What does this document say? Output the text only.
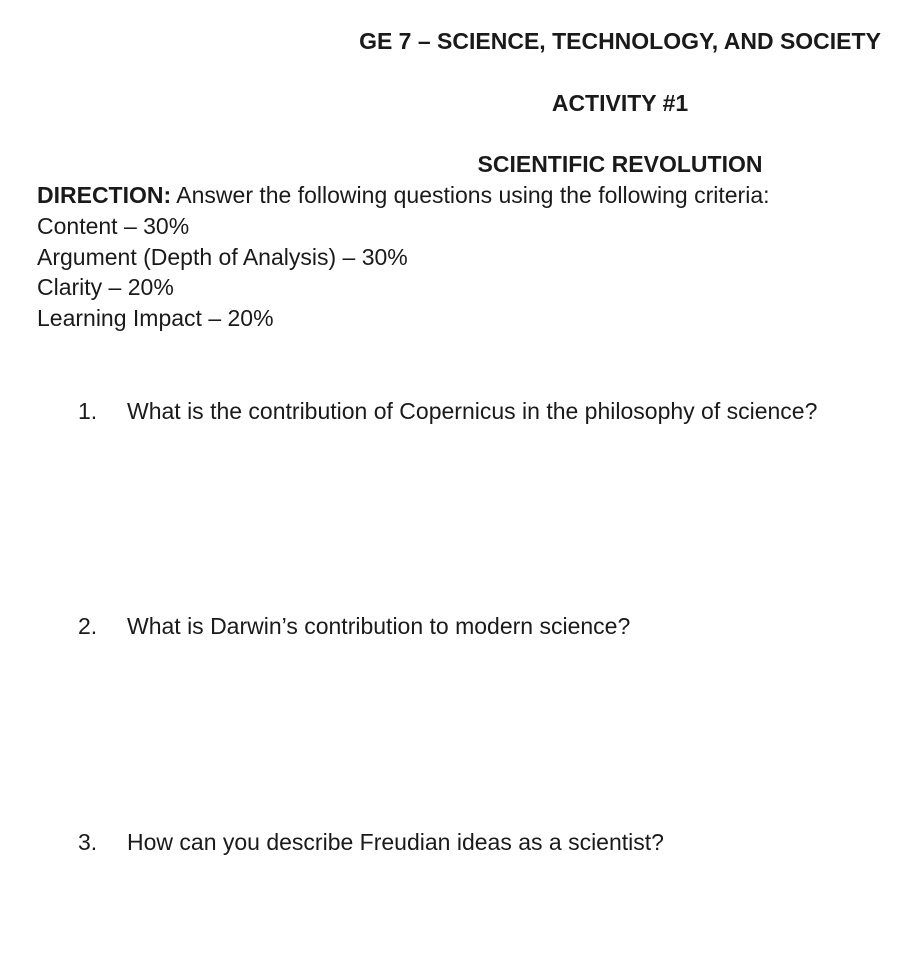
GE 7 – SCIENCE, TECHNOLOGY, AND SOCIETY
ACTIVITY #1
SCIENTIFIC REVOLUTION
DIRECTION: Answer the following questions using the following criteria:
Content – 30%
Argument (Depth of Analysis) – 30%
Clarity – 20%
Learning Impact – 20%
1. What is the contribution of Copernicus in the philosophy of science?
2. What is Darwin’s contribution to modern science?
3. How can you describe Freudian ideas as a scientist?
